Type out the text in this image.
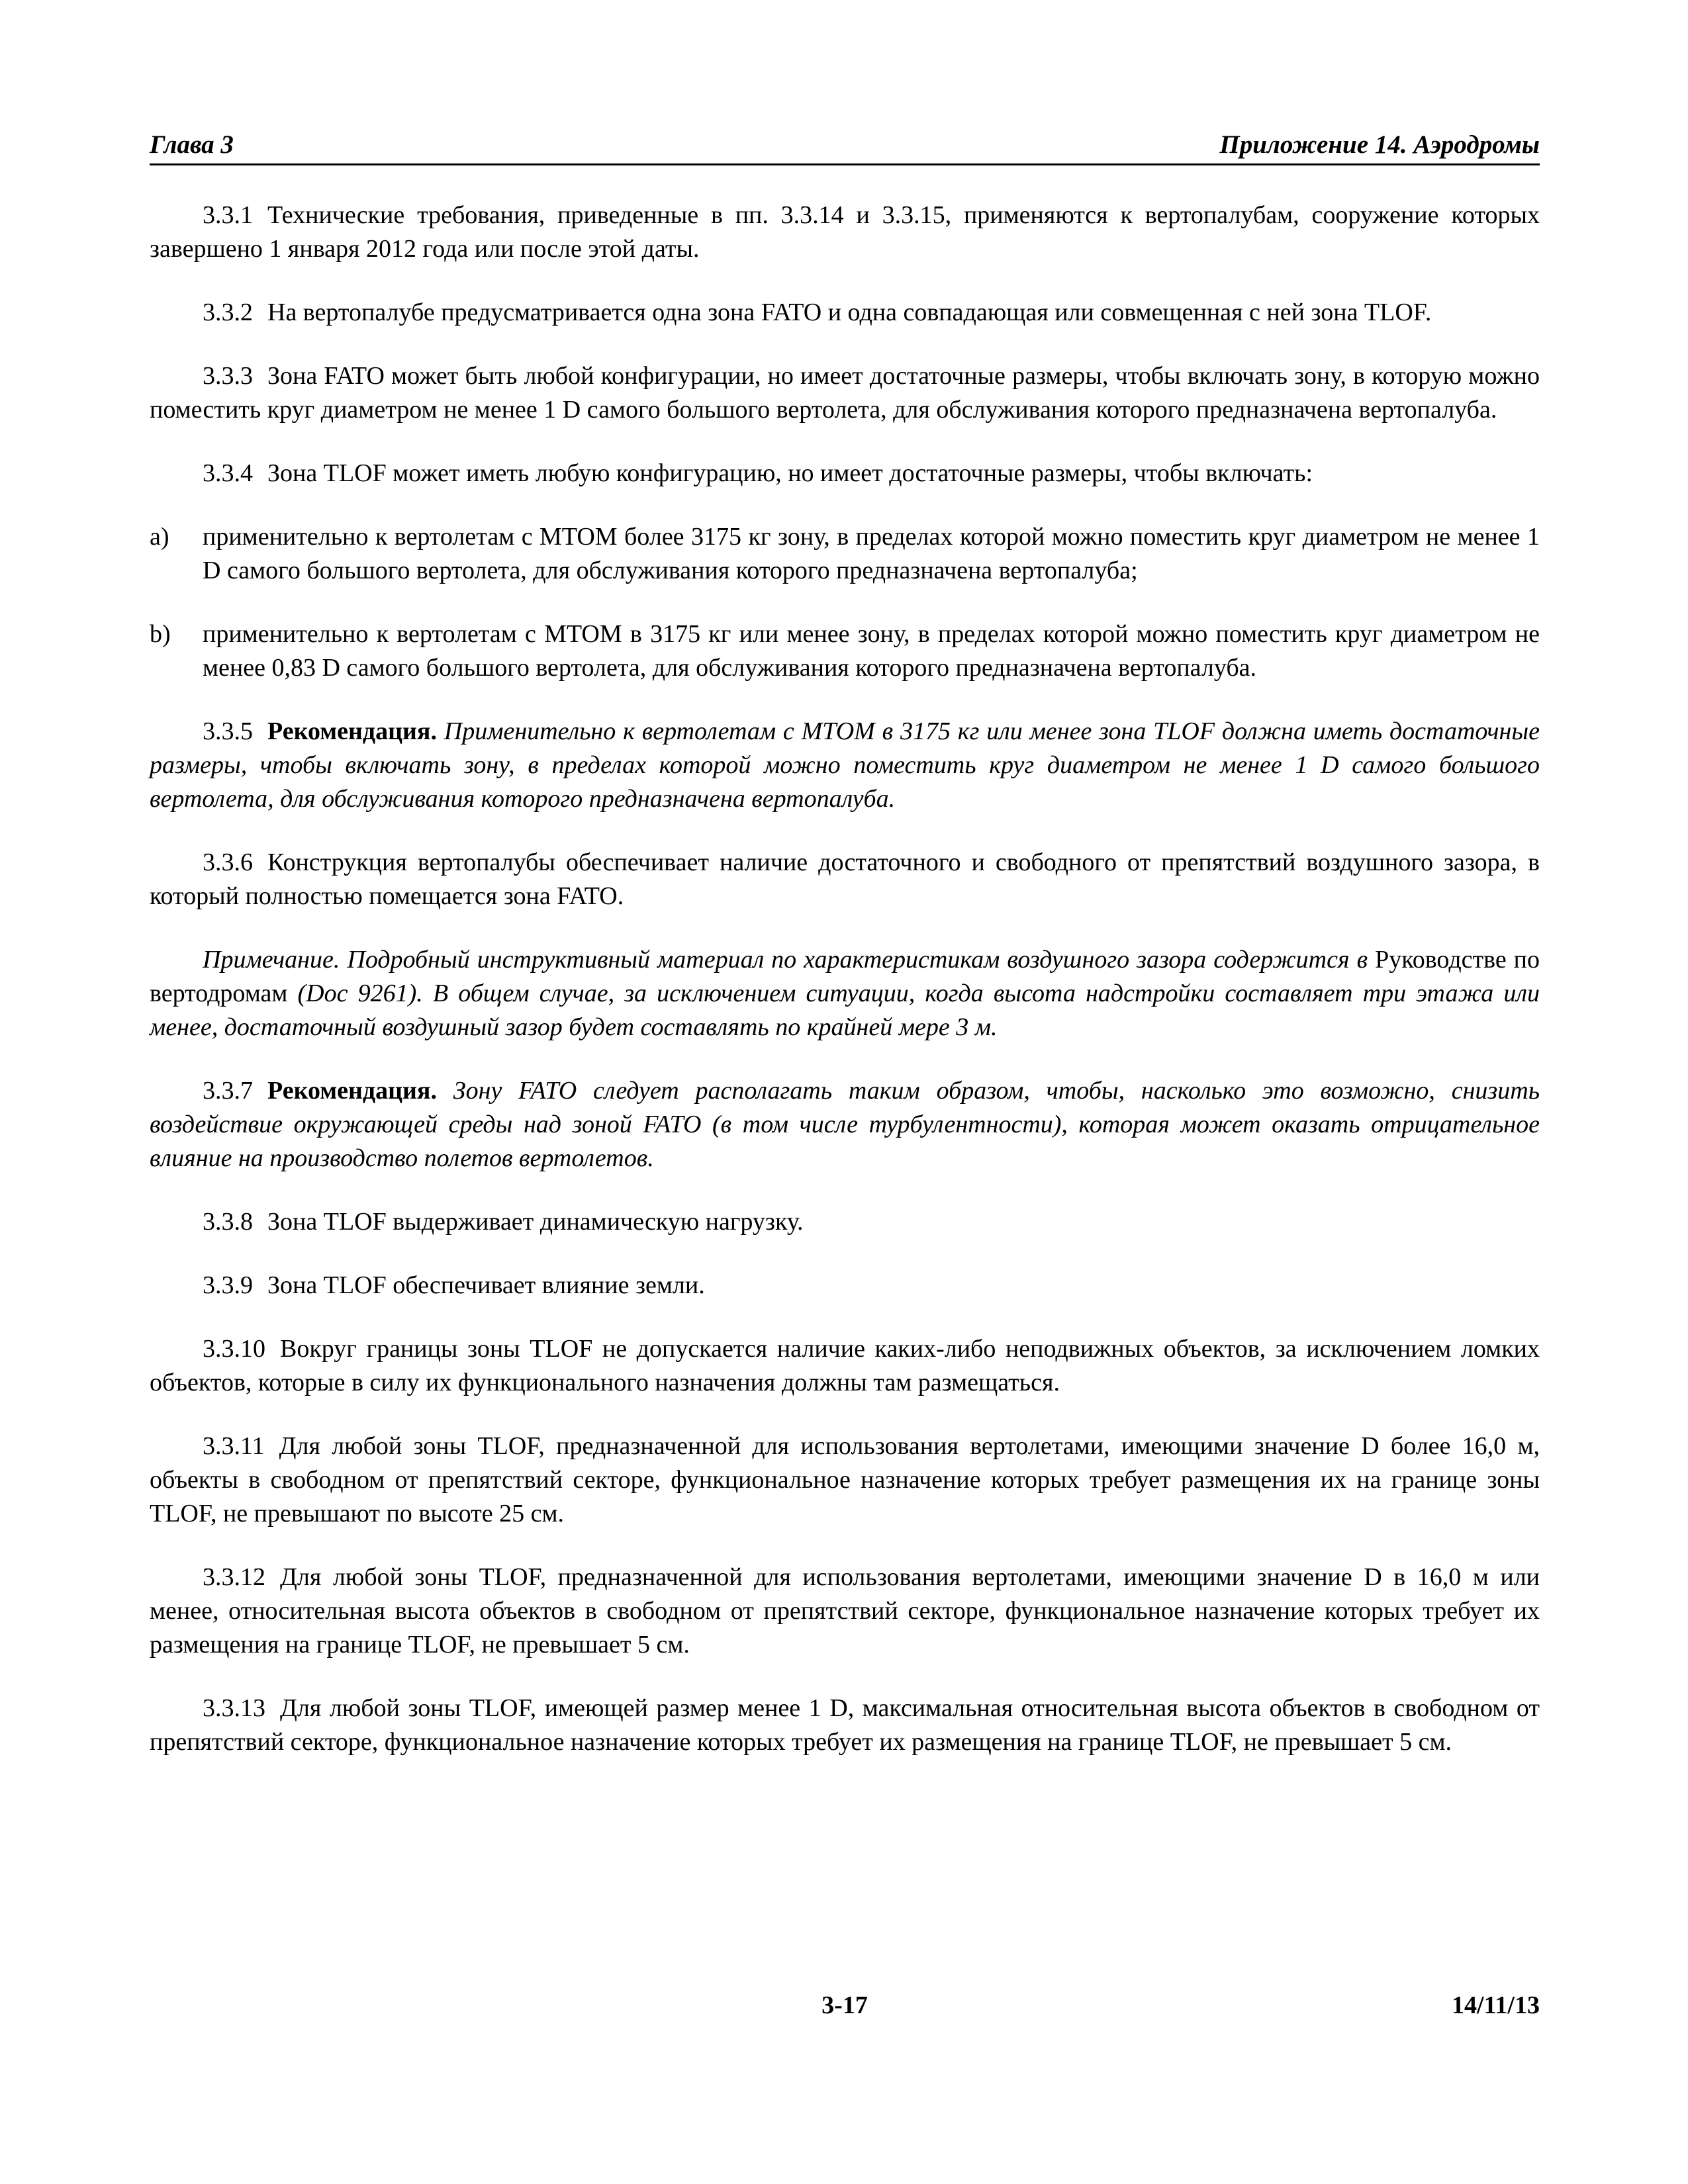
Глава 3	Приложение 14. Аэродромы

3.3.1 Технические требования, приведенные в пп. 3.3.14 и 3.3.15, применяются к вертопалубам, сооружение которых завершено 1 января 2012 года или после этой даты.

3.3.2 На вертопалубе предусматривается одна зона FATO и одна совпадающая или совмещенная с ней зона TLOF.

3.3.3 Зона FATO может быть любой конфигурации, но имеет достаточные размеры, чтобы включать зону, в которую можно поместить круг диаметром не менее 1 D самого большого вертолета, для обслуживания которого предназначена вертопалуба.

3.3.4 Зона TLOF может иметь любую конфигурацию, но имеет достаточные размеры, чтобы включать:

a)	применительно к вертолетам с MTOM более 3175 кг зону, в пределах которой можно поместить круг диаметром не менее 1 D самого большого вертолета, для обслуживания которого предназначена вертопалуба;
b)	применительно к вертолетам с MTOM в 3175 кг или менее зону, в пределах которой можно поместить круг диаметром не менее 0,83 D самого большого вертолета, для обслуживания которого предназначена вертопалуба.

3.3.5 Рекомендация. Применительно к вертолетам с MTOM в 3175 кг или менее зона TLOF должна иметь достаточные размеры, чтобы включать зону, в пределах которой можно поместить круг диаметром не менее 1 D самого большого вертолета, для обслуживания которого предназначена вертопалуба.

3.3.6 Конструкция вертопалубы обеспечивает наличие достаточного и свободного от препятствий воздушного зазора, в который полностью помещается зона FATO.

Примечание. Подробный инструктивный материал по характеристикам воздушного зазора содержится в Руководстве по вертодромам (Doc 9261). В общем случае, за исключением ситуации, когда высота надстройки составляет три этажа или менее, достаточный воздушный зазор будет составлять по крайней мере 3 м.

3.3.7 Рекомендация. Зону FATO следует располагать таким образом, чтобы, насколько это возможно, снизить воздействие окружающей среды над зоной FATO (в том числе турбулентности), которая может оказать отрицательное влияние на производство полетов вертолетов.

3.3.8 Зона TLOF выдерживает динамическую нагрузку.

3.3.9 Зона TLOF обеспечивает влияние земли.

3.3.10 Вокруг границы зоны TLOF не допускается наличие каких-либо неподвижных объектов, за исключением ломких объектов, которые в силу их функционального назначения должны там размещаться.

3.3.11 Для любой зоны TLOF, предназначенной для использования вертолетами, имеющими значение D более 16,0 м, объекты в свободном от препятствий секторе, функциональное назначение которых требует размещения их на границе зоны TLOF, не превышают по высоте 25 см.

3.3.12 Для любой зоны TLOF, предназначенной для использования вертолетами, имеющими значение D в 16,0 м или менее, относительная высота объектов в свободном от препятствий секторе, функциональное назначение которых требует их размещения на границе TLOF, не превышает 5 см.

3.3.13 Для любой зоны TLOF, имеющей размер менее 1 D, максимальная относительная высота объектов в свободном от препятствий секторе, функциональное назначение которых требует их размещения на границе TLOF, не превышает 5 см.

3-17	14/11/13
